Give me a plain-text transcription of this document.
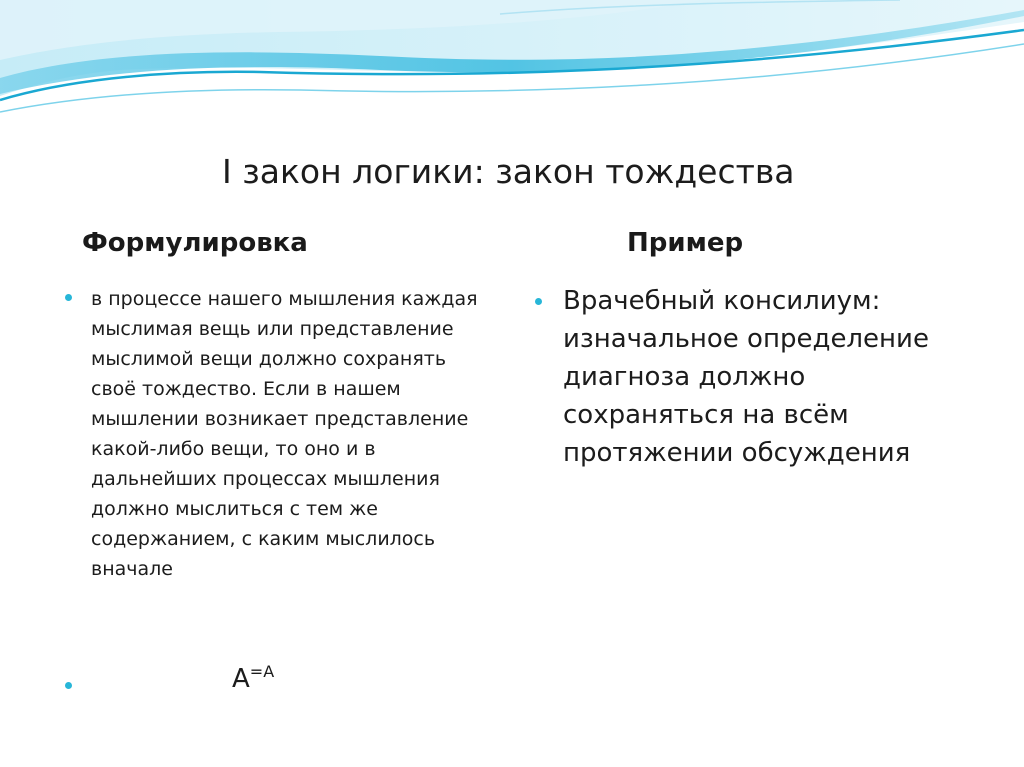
I закон логики: закон тождества
Формулировка	Пример
в процессе нашего мышления каждая мыслимая вещь или представление мыслимой вещи должно сохранять своё тождество. Если в нашем мышлении возникает представление какой-либо вещи, то оно и в дальнейших процессах мышления должно мыслиться с тем же содержанием, с каким мыслилось вначале
$А^{=А}$
Врачебный консилиум: изначальное определение диагноза должно сохраняться на всём протяжении обсуждения
